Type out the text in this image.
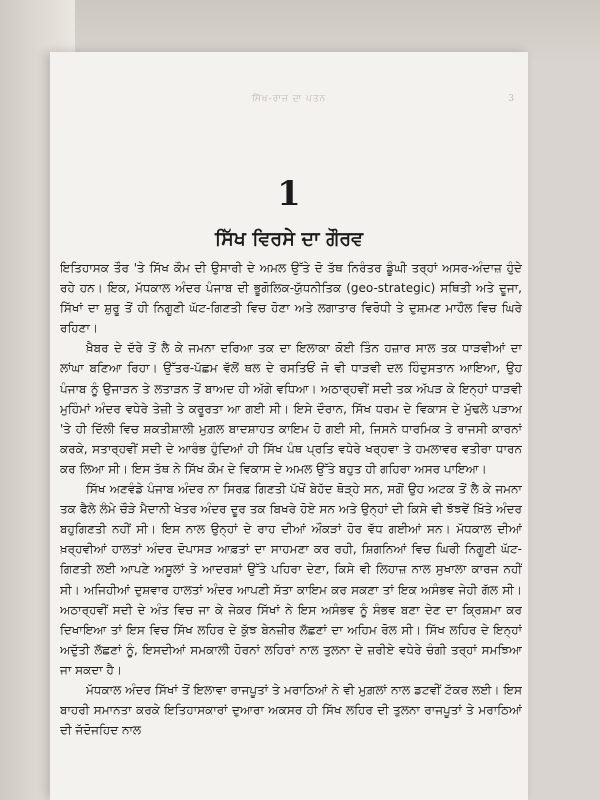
ਸਿੱਖ-ਰਾਜ ਦਾ ਪਤਨ	3
1
ਸਿੱਖ ਵਿਰਸੇ ਦਾ ਗੌਰਵ

ਇਤਿਹਾਸਕ ਤੌਰ 'ਤੇ ਸਿੱਖ ਕੌਮ ਦੀ ਉਸਾਰੀ ਦੇ ਅਮਲ ਉੱਤੇ ਦੋ ਤੱਥ ਨਿਰੰਤਰ ਡੂੰਘੀ ਤਰ੍ਹਾਂ ਅਸਰ-ਅੰਦਾਜ਼ ਹੁੰਦੇ ਰਹੇ ਹਨ। ਇਕ, ਮੱਧਕਾਲ ਅੰਦਰ ਪੰਜਾਬ ਦੀ ਭੂਗੋਲਿਕ-ਯੁੱਧਨੀਤਿਕ (geo-strategic) ਸਥਿਤੀ ਅਤੇ ਦੂਜਾ, ਸਿੱਖਾਂ ਦਾ ਸ਼ੁਰੂ ਤੋਂ ਹੀ ਨਿਗੂਣੀ ਘੱਟ-ਗਿਣਤੀ ਵਿਚ ਹੋਣਾ ਅਤੇ ਲਗਾਤਾਰ ਵਿਰੋਧੀ ਤੇ ਦੁਸ਼ਮਣ ਮਾਹੌਲ ਵਿਚ ਘਿਰੇ ਰਹਿਣਾ।

ਖ਼ੈਬਰ ਦੇ ਦੱਰੇ ਤੋਂ ਲੈ ਕੇ ਜਮਨਾ ਦਰਿਆ ਤਕ ਦਾ ਇਲਾਕਾ ਕੋਈ ਤਿੰਨ ਹਜ਼ਾਰ ਸਾਲ ਤਕ ਧਾੜਵੀਆਂ ਦਾ ਲਾਂਘਾ ਬਣਿਆ ਰਿਹਾ। ਉੱਤਰ-ਪੱਛਮ ਵੱਲੋਂ ਥਲ ਦੇ ਰਸਤਿਓਂ ਜੋ ਵੀ ਧਾੜਵੀ ਦਲ ਹਿੰਦੁਸਤਾਨ ਆਇਆ, ਉਹ ਪੰਜਾਬ ਨੂੰ ਉਜਾੜਨ ਤੇ ਲਤਾੜਨ ਤੋਂ ਬਾਅਦ ਹੀ ਅੱਗੇ ਵਧਿਆ। ਅਠਾਰ੍ਹਵੀਂ ਸਦੀ ਤਕ ਅੱਪੜ ਕੇ ਇਨ੍ਹਾਂ ਧਾੜਵੀ ਮੁਹਿੰਮਾਂ ਅੰਦਰ ਵਧੇਰੇ ਤੇਜ਼ੀ ਤੇ ਕਰੂਰਤਾ ਆ ਗਈ ਸੀ। ਇਸੇ ਦੌਰਾਨ, ਸਿੱਖ ਧਰਮ ਦੇ ਵਿਕਾਸ ਦੇ ਮੁੱਢਲੇ ਪੜਾਅ 'ਤੇ ਹੀ ਦਿੱਲੀ ਵਿਚ ਸ਼ਕਤੀਸ਼ਾਲੀ ਮੁਗ਼ਲ ਬਾਦਸ਼ਾਹਤ ਕਾਇਮ ਹੋ ਗਈ ਸੀ, ਜਿਸਨੇ ਧਾਰਮਿਕ ਤੇ ਰਾਜਸੀ ਕਾਰਨਾਂ ਕਰਕੇ, ਸਤਾਰ੍ਹਵੀਂ ਸਦੀ ਦੇ ਆਰੰਭ ਹੁੰਦਿਆਂ ਹੀ ਸਿੱਖ ਪੰਥ ਪ੍ਰਤਿ ਵਧੇਰੇ ਖਰ੍ਹਵਾ ਤੇ ਹਮਲਾਵਰ ਵਤੀਰਾ ਧਾਰਨ ਕਰ ਲਿਆ ਸੀ। ਇਸ ਤੱਥ ਨੇ ਸਿੱਖ ਕੌਮ ਦੇ ਵਿਕਾਸ ਦੇ ਅਮਲ ਉੱਤੇ ਬਹੁਤ ਹੀ ਗਹਿਰਾ ਅਸਰ ਪਾਇਆ।

ਸਿੱਖ ਅਣਵੰਡੇ ਪੰਜਾਬ ਅੰਦਰ ਨਾ ਸਿਰਫ਼ ਗਿਣਤੀ ਪੱਖੋਂ ਬੇਹੱਦ ਥੋੜ੍ਹੇ ਸਨ, ਸਗੋਂ ਉਹ ਅਟਕ ਤੋਂ ਲੈ ਕੇ ਜਮਨਾ ਤਕ ਫੈਲੇ ਲੰਮੇ ਚੌੜੇ ਮੈਦਾਨੀ ਖੇਤਰ ਅੰਦਰ ਦੂਰ ਤਕ ਬਿਖਰੇ ਹੋਏ ਸਨ ਅਤੇ ਉਨ੍ਹਾਂ ਦੀ ਕਿਸੇ ਵੀ ਝੱਝਵੇਂ ਖ਼ਿੱਤੇ ਅੰਦਰ ਬਹੁਗਿਣਤੀ ਨਹੀਂ ਸੀ। ਇਸ ਨਾਲ ਉਨ੍ਹਾਂ ਦੇ ਰਾਹ ਦੀਆਂ ਔਕੜਾਂ ਹੋਰ ਵੱਧ ਗਈਆਂ ਸਨ। ਮੱਧਕਾਲ ਦੀਆਂ ਖ਼ਰ੍ਹਵੀਆਂ ਹਾਲਤਾਂ ਅੰਦਰ ਦੋਪਾਸੜ ਆਫ਼ਤਾਂ ਦਾ ਸਾਹਮਣਾ ਕਰ ਰਹੀ, ਸ਼ਿਗਨਿਆਂ ਵਿਚ ਘਿਰੀ ਨਿਗੂਣੀ ਘੱਟ-ਗਿਣਤੀ ਲਈ ਆਪਣੇ ਅਸੂਲਾਂ ਤੇ ਆਦਰਸ਼ਾਂ ਉੱਤੇ ਪਹਿਰਾ ਦੇਣਾ, ਕਿਸੇ ਵੀ ਲਿਹਾਜ਼ ਨਾਲ ਸੁਖਾਲਾ ਕਾਰਜ ਨਹੀਂ ਸੀ। ਅਜਿਹੀਆਂ ਦੁਸ਼ਵਾਰ ਹਾਲਤਾਂ ਅੰਦਰ ਆਪਣੀ ਸੱਤਾ ਕਾਇਮ ਕਰ ਸਕਣਾ ਤਾਂ ਇਕ ਅਸੰਭਵ ਜੇਹੀ ਗੱਲ ਸੀ। ਅਠਾਰ੍ਹਵੀਂ ਸਦੀ ਦੇ ਅੰਤ ਵਿਚ ਜਾ ਕੇ ਜੇਕਰ ਸਿੱਖਾਂ ਨੇ ਇਸ ਅਸੰਭਵ ਨੂੰ ਸੰਭਵ ਬਣਾ ਦੇਣ ਦਾ ਕ੍ਰਿਸ਼ਮਾ ਕਰ ਦਿਖਾਇਆ ਤਾਂ ਇਸ ਵਿਚ ਸਿੱਖ ਲਹਿਰ ਦੇ ਕੁੱਝ ਬੇਨਜ਼ੀਰ ਲੱਛਣਾਂ ਦਾ ਅਹਿਮ ਰੋਲ ਸੀ। ਸਿੱਖ ਲਹਿਰ ਦੇ ਇਨ੍ਹਾਂ ਅਦੁੱਤੀ ਲੱਛਣਾਂ ਨੂੰ, ਇਸਦੀਆਂ ਸਮਕਾਲੀ ਹੋਰਨਾਂ ਲਹਿਰਾਂ ਨਾਲ ਤੁਲਨਾ ਦੇ ਜ਼ਰੀਏ ਵਧੇਰੇ ਚੰਗੀ ਤਰ੍ਹਾਂ ਸਮਝਿਆ ਜਾ ਸਕਦਾ ਹੈ।

ਮੱਧਕਾਲ ਅੰਦਰ ਸਿੱਖਾਂ ਤੋਂ ਇਲਾਵਾ ਰਾਜਪੂਤਾਂ ਤੇ ਮਰਾਠਿਆਂ ਨੇ ਵੀ ਮੁਗ਼ਲਾਂ ਨਾਲ ਡਟਵੀਂ ਟੱਕਰ ਲਈ। ਇਸ ਬਾਹਰੀ ਸਮਾਨਤਾ ਕਰਕੇ ਇਤਿਹਾਸਕਾਰਾਂ ਦੁਆਰਾ ਅਕਸਰ ਹੀ ਸਿੱਖ ਲਹਿਰ ਦੀ ਤੁਲਨਾ ਰਾਜਪੂਤਾਂ ਤੇ ਮਰਾਠਿਆਂ ਦੀ ਜੱਦੋਜਹਿਦ ਨਾਲ
